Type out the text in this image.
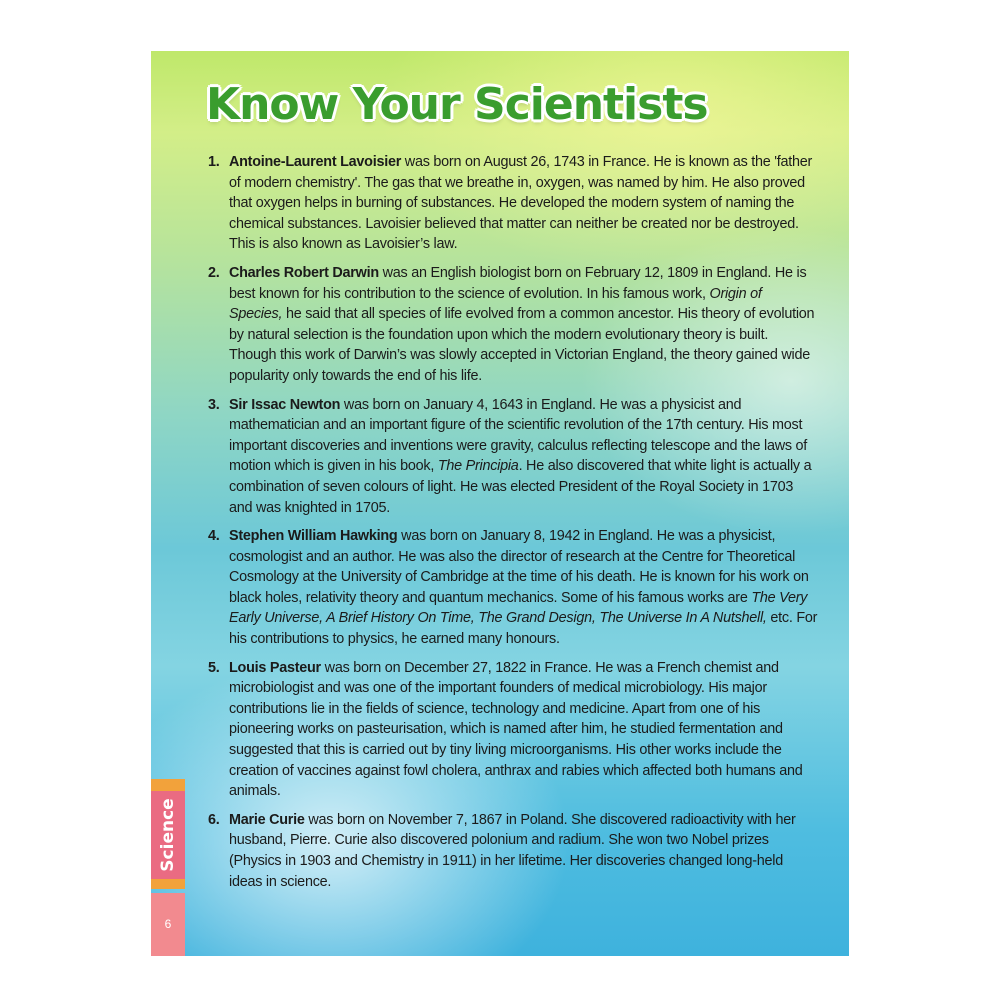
Know Your Scientists
1. Antoine-Laurent Lavoisier was born on August 26, 1743 in France. He is known as the 'father of modern chemistry'. The gas that we breathe in, oxygen, was named by him. He also proved that oxygen helps in burning of substances. He developed the modern system of naming the chemical substances. Lavoisier believed that matter can neither be created nor be destroyed. This is also known as Lavoisier’s law.
2. Charles Robert Darwin was an English biologist born on February 12, 1809 in England. He is best known for his contribution to the science of evolution. In his famous work, Origin of Species, he said that all species of life evolved from a common ancestor. His theory of evolution by natural selection is the foundation upon which the modern evolutionary theory is built. Though this work of Darwin’s was slowly accepted in Victorian England, the theory gained wide popularity only towards the end of his life.
3. Sir Issac Newton was born on January 4, 1643 in England. He was a physicist and mathematician and an important figure of the scientific revolution of the 17th century. His most important discoveries and inventions were gravity, calculus reflecting telescope and the laws of motion which is given in his book, The Principia. He also discovered that white light is actually a combination of seven colours of light. He was elected President of the Royal Society in 1703 and was knighted in 1705.
4. Stephen William Hawking was born on January 8, 1942 in England. He was a physicist, cosmologist and an author. He was also the director of research at the Centre for Theoretical Cosmology at the University of Cambridge at the time of his death. He is known for his work on black holes, relativity theory and quantum mechanics. Some of his famous works are The Very Early Universe, A Brief History On Time, The Grand Design, The Universe In A Nutshell, etc. For his contributions to physics, he earned many honours.
5. Louis Pasteur was born on December 27, 1822 in France. He was a French chemist and microbiologist and was one of the important founders of medical microbiology. His major contributions lie in the fields of science, technology and medicine. Apart from one of his pioneering works on pasteurisation, which is named after him, he studied fermentation and suggested that this is carried out by tiny living microorganisms. His other works include the creation of vaccines against fowl cholera, anthrax and rabies which affected both humans and animals.
6. Marie Curie was born on November 7, 1867 in Poland. She discovered radioactivity with her husband, Pierre. Curie also discovered polonium and radium. She won two Nobel prizes (Physics in 1903 and Chemistry in 1911) in her lifetime. Her discoveries changed long-held ideas in science.
Science
6
